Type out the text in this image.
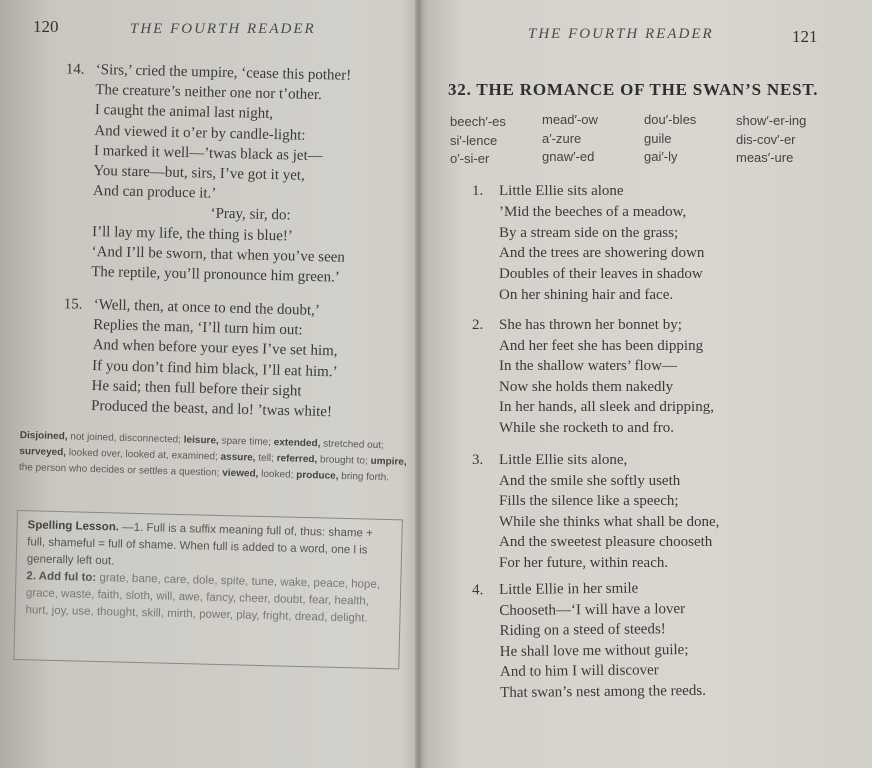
120	THE FOURTH READER
14. ‘Sirs,’ cried the umpire, ‘cease this pother!
The creature’s neither one nor t’other.
I caught the animal last night,
And viewed it o’er by candle-light:
I marked it well—’twas black as jet—
You stare—but, sirs, I’ve got it yet,
And can produce it.’
‘Pray, sir, do:
I’ll lay my life, the thing is blue!’
‘And I’ll be sworn, that when you’ve seen
The reptile, you’ll pronounce him green.’
15. ‘Well, then, at once to end the doubt,’
Replies the man, ‘I’ll turn him out:
And when before your eyes I’ve set him,
If you don’t find him black, I’ll eat him.’
He said; then full before their sight
Produced the beast, and lo! ’twas white!
Disjoined, not joined, disconnected; leisure, spare time; extended, stretched out; surveyed, looked over, looked at, examined; assure, tell; referred, brought to; umpire, the person who decides or settles a question; viewed, looked; produce, bring forth.
Spelling Lesson. —1. Full is a suffix meaning full of, thus: shame + full, shameful = full of shame. When full is added to a word, one l is generally left out.
2. Add ful to: grate, bane, care, dole, spite, tune, wake, peace, hope, grace, waste, faith, sloth, will, awe, fancy, cheer, doubt, fear, health, hurt, joy, use, thought, skill, mirth, power, play, fright, dread, delight.
THE FOURTH READER	121
32. THE ROMANCE OF THE SWAN’S NEST.
beech′-es
si′-lence
o′-si-er
mead′-ow
a′-zure
gnaw′-ed
dou′-bles
guile
gai′-ly
show′-er-ing
dis-cov′-er
meas′-ure
1. Little Ellie sits alone
’Mid the beeches of a meadow,
By a stream side on the grass;
And the trees are showering down
Doubles of their leaves in shadow
On her shining hair and face.
2. She has thrown her bonnet by;
And her feet she has been dipping
In the shallow waters’ flow—
Now she holds them nakedly
In her hands, all sleek and dripping,
While she rocketh to and fro.
3. Little Ellie sits alone,
And the smile she softly useth
Fills the silence like a speech;
While she thinks what shall be done,
And the sweetest pleasure chooseth
For her future, within reach.
4. Little Ellie in her smile
Chooseth—‘I will have a lover
Riding on a steed of steeds!
He shall love me without guile;
And to him I will discover
That swan’s nest among the reeds.
